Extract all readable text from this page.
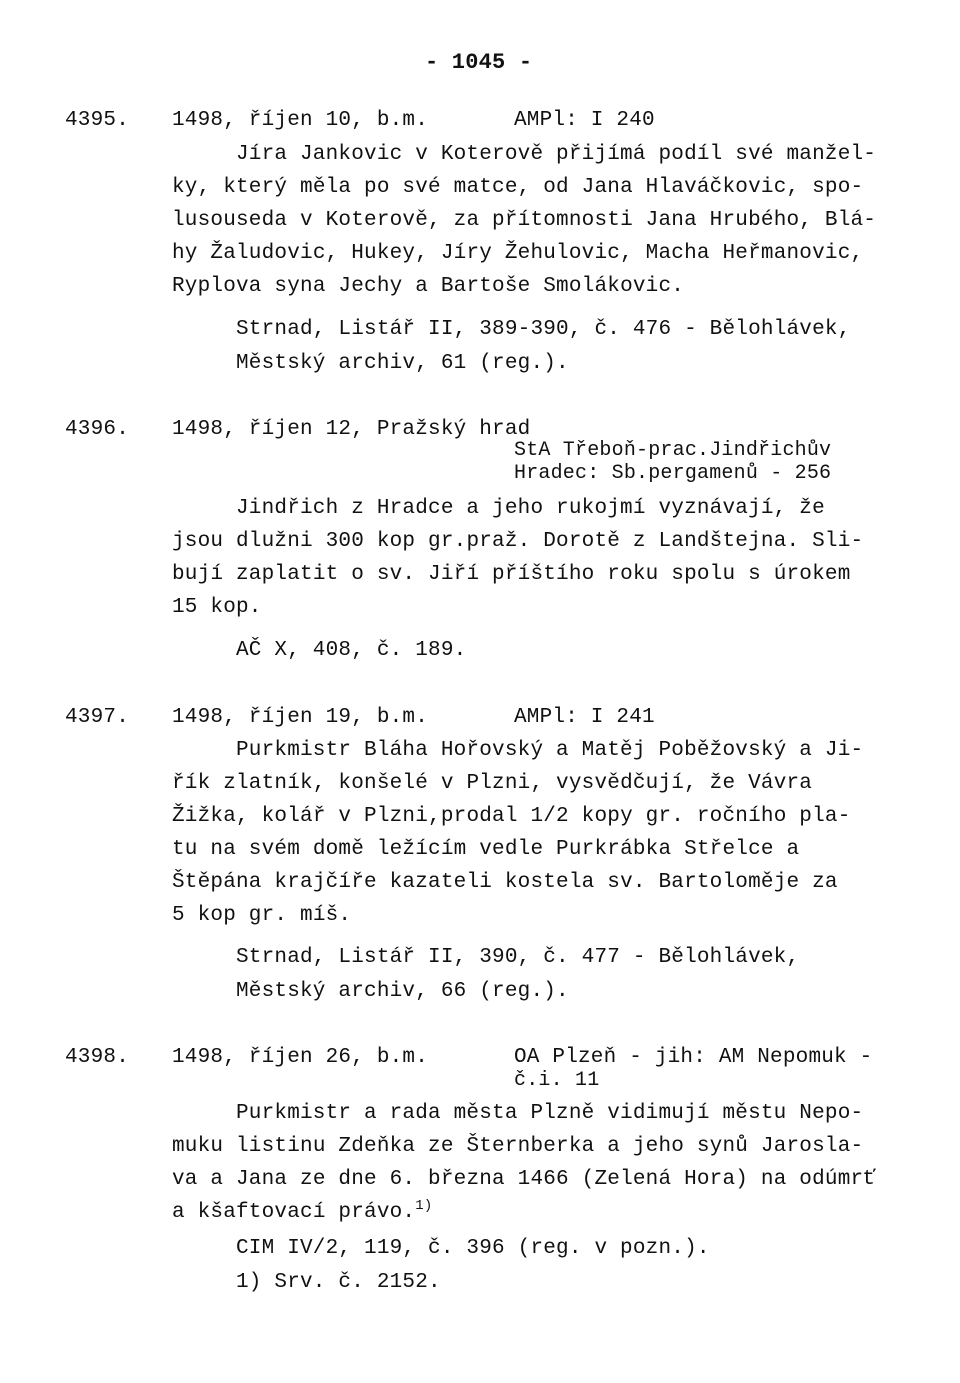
- 1045 -
4395. 1498, říjen 10, b.m.	AMPl: I 240
Jíra Jankovic v Koterově přijímá podíl své manžel-
ky, který měla po své matce, od Jana Hlaváčkovic, spo-
lusouseda v Koterově, za přítomnosti Jana Hrubého, Blá-
hy Žaludovic, Hukey, Jíry Žehulovic, Macha Heřmanovic,
Ryplova syna Jechy a Bartoše Smolákovic.
Strnad, Listář II, 389-390, č. 476 - Bělohlávek,
Městský archiv, 61 (reg.).
4396. 1498, říjen 12, Pražský hrad
StA Třeboň-prac.Jindřichův
Hradec: Sb.pergamenů - 256
Jindřich z Hradce a jeho rukojmí vyznávají, že
jsou dlužni 300 kop gr.praž. Dorotě z Landštejna. Sli-
bují zaplatit o sv. Jiří příštího roku spolu s úrokem
15 kop.
AČ X, 408, č. 189.
4397. 1498, říjen 19, b.m.	AMPl: I 241
Purkmistr Bláha Hořovský a Matěj Poběžovský a Ji-
řík zlatník, konšelé v Plzni, vysvědčují, že Vávra
Žižka, kolář v Plzni,prodal 1/2 kopy gr. ročního pla-
tu na svém domě ležícím vedle Purkrábka Střelce a
Štěpána krajčíře kazateli kostela sv. Bartoloměje za
5 kop gr. míš.
Strnad, Listář II, 390, č. 477 - Bělohlávek,
Městský archiv, 66 (reg.).
4398. 1498, říjen 26, b.m.	OA Plzeň - jih: AM Nepomuk -
č.i. 11
Purkmistr a rada města Plzně vidimují městu Nepo-
muku listinu Zdeňka ze Šternberka a jeho synů Jarosla-
va a Jana ze dne 6. března 1466 (Zelená Hora) na odúmrť
a kšaftovací právo.$^{1)}$
CIM IV/2, 119, č. 396 (reg. v pozn.).
1) Srv. č. 2152.
